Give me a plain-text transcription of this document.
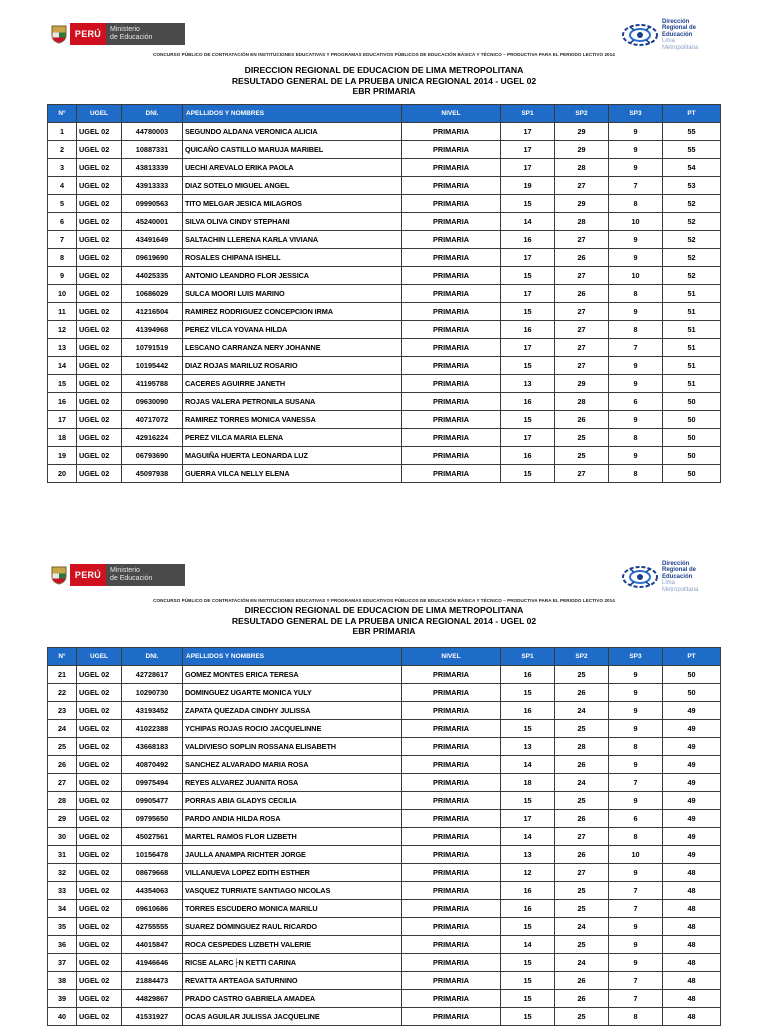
PERÚ	Ministerio
de Educación
Dirección
Regional de
Educación
Lima
Metropolitana
CONCURSO PÚBLICO DE CONTRATACIÓN EN INSTITUCIONES EDUCATIVAS Y PROGRAMAS EDUCATIVOS PÚBLICOS DE EDUCACIÓN BÁSICA Y TÉCNICO – PRODUCTIVA PARA EL PERIODO LECTIVO 2014
DIRECCION REGIONAL DE EDUCACION DE LIMA METROPOLITANA
RESULTADO GENERAL DE LA PRUEBA UNICA REGIONAL 2014 - UGEL 02
EBR PRIMARIA
N°	UGEL	DNI.	APELLIDOS Y NOMBRES	NIVEL	SP1	SP2	SP3	PT
1	UGEL 02	44780003	SEGUNDO ALDANA VERONICA ALICIA	PRIMARIA	17	29	9	55
2	UGEL 02	10887331	QUICAÑO CASTILLO MARUJA MARIBEL	PRIMARIA	17	29	9	55
3	UGEL 02	43813339	UECHI AREVALO ERIKA PAOLA	PRIMARIA	17	28	9	54
4	UGEL 02	43913333	DIAZ SOTELO MIGUEL ANGEL	PRIMARIA	19	27	7	53
5	UGEL 02	09990563	TITO MELGAR JESICA MILAGROS	PRIMARIA	15	29	8	52
6	UGEL 02	45240001	SILVA OLIVA CINDY STEPHANI	PRIMARIA	14	28	10	52
7	UGEL 02	43491649	SALTACHIN LLERENA KARLA VIVIANA	PRIMARIA	16	27	9	52
8	UGEL 02	09619690	ROSALES CHIPANA ISHELL	PRIMARIA	17	26	9	52
9	UGEL 02	44025335	ANTONIO LEANDRO FLOR JESSICA	PRIMARIA	15	27	10	52
10	UGEL 02	10686029	SULCA MOORI LUIS MARINO	PRIMARIA	17	26	8	51
11	UGEL 02	41216504	RAMIREZ RODRIGUEZ CONCEPCION IRMA	PRIMARIA	15	27	9	51
12	UGEL 02	41394968	PEREZ VILCA YOVANA HILDA	PRIMARIA	16	27	8	51
13	UGEL 02	10791519	LESCANO CARRANZA NERY JOHANNE	PRIMARIA	17	27	7	51
14	UGEL 02	10195442	DIAZ ROJAS MARILUZ ROSARIO	PRIMARIA	15	27	9	51
15	UGEL 02	41195788	CACERES AGUIRRE JANETH	PRIMARIA	13	29	9	51
16	UGEL 02	09630090	ROJAS VALERA PETRONILA SUSANA	PRIMARIA	16	28	6	50
17	UGEL 02	40717072	RAMIREZ TORRES MONICA VANESSA	PRIMARIA	15	26	9	50
18	UGEL 02	42916224	PEREZ VILCA MARIA ELENA	PRIMARIA	17	25	8	50
19	UGEL 02	06793690	MAGUIÑA HUERTA LEONARDA LUZ	PRIMARIA	16	25	9	50
20	UGEL 02	45097938	GUERRA VILCA NELLY ELENA	PRIMARIA	15	27	8	50
PERÚ	Ministerio
de Educación
Dirección
Regional de
Educación
Lima
Metropolitana
CONCURSO PÚBLICO DE CONTRATACIÓN EN INSTITUCIONES EDUCATIVAS Y PROGRAMAS EDUCATIVOS PÚBLICOS DE EDUCACIÓN BÁSICA Y TÉCNICO – PRODUCTIVA PARA EL PERIODO LECTIVO 2014
DIRECCION REGIONAL DE EDUCACION DE LIMA METROPOLITANA
RESULTADO GENERAL DE LA PRUEBA UNICA REGIONAL 2014 - UGEL 02
EBR PRIMARIA
N°	UGEL	DNI.	APELLIDOS Y NOMBRES	NIVEL	SP1	SP2	SP3	PT
21	UGEL 02	42728617	GOMEZ MONTES ERICA TERESA	PRIMARIA	16	25	9	50
22	UGEL 02	10290730	DOMINGUEZ UGARTE MONICA YULY	PRIMARIA	15	26	9	50
23	UGEL 02	43193452	ZAPATA QUEZADA CINDHY JULISSA	PRIMARIA	16	24	9	49
24	UGEL 02	41022388	YCHIPAS ROJAS ROCIO JACQUELINNE	PRIMARIA	15	25	9	49
25	UGEL 02	43668183	VALDIVIESO SOPLIN ROSSANA ELISABETH	PRIMARIA	13	28	8	49
26	UGEL 02	40870492	SANCHEZ ALVARADO MARIA ROSA	PRIMARIA	14	26	9	49
27	UGEL 02	09975494	REYES ALVAREZ JUANITA ROSA	PRIMARIA	18	24	7	49
28	UGEL 02	09905477	PORRAS ABIA GLADYS CECILIA	PRIMARIA	15	25	9	49
29	UGEL 02	09795650	PARDO ANDIA HILDA ROSA	PRIMARIA	17	26	6	49
30	UGEL 02	45027561	MARTEL RAMOS FLOR LIZBETH	PRIMARIA	14	27	8	49
31	UGEL 02	10156478	JAULLA ANAMPA RICHTER JORGE	PRIMARIA	13	26	10	49
32	UGEL 02	08679668	VILLANUEVA LOPEZ EDITH ESTHER	PRIMARIA	12	27	9	48
33	UGEL 02	44354063	VASQUEZ TURRIATE SANTIAGO NICOLAS	PRIMARIA	16	25	7	48
34	UGEL 02	09610686	TORRES ESCUDERO MONICA MARILU	PRIMARIA	16	25	7	48
35	UGEL 02	42755555	SUAREZ DOMINGUEZ RAUL RICARDO	PRIMARIA	15	24	9	48
36	UGEL 02	44015847	ROCA CESPEDES LIZBETH VALERIE	PRIMARIA	14	25	9	48
37	UGEL 02	41946646	RICSE ALARC├N KETTI CARINA	PRIMARIA	15	24	9	48
38	UGEL 02	21884473	REVATTA ARTEAGA SATURNINO	PRIMARIA	15	26	7	48
39	UGEL 02	44829867	PRADO CASTRO GABRIELA AMADEA	PRIMARIA	15	26	7	48
40	UGEL 02	41531927	OCAS AGUILAR JULISSA JACQUELINE	PRIMARIA	15	25	8	48
